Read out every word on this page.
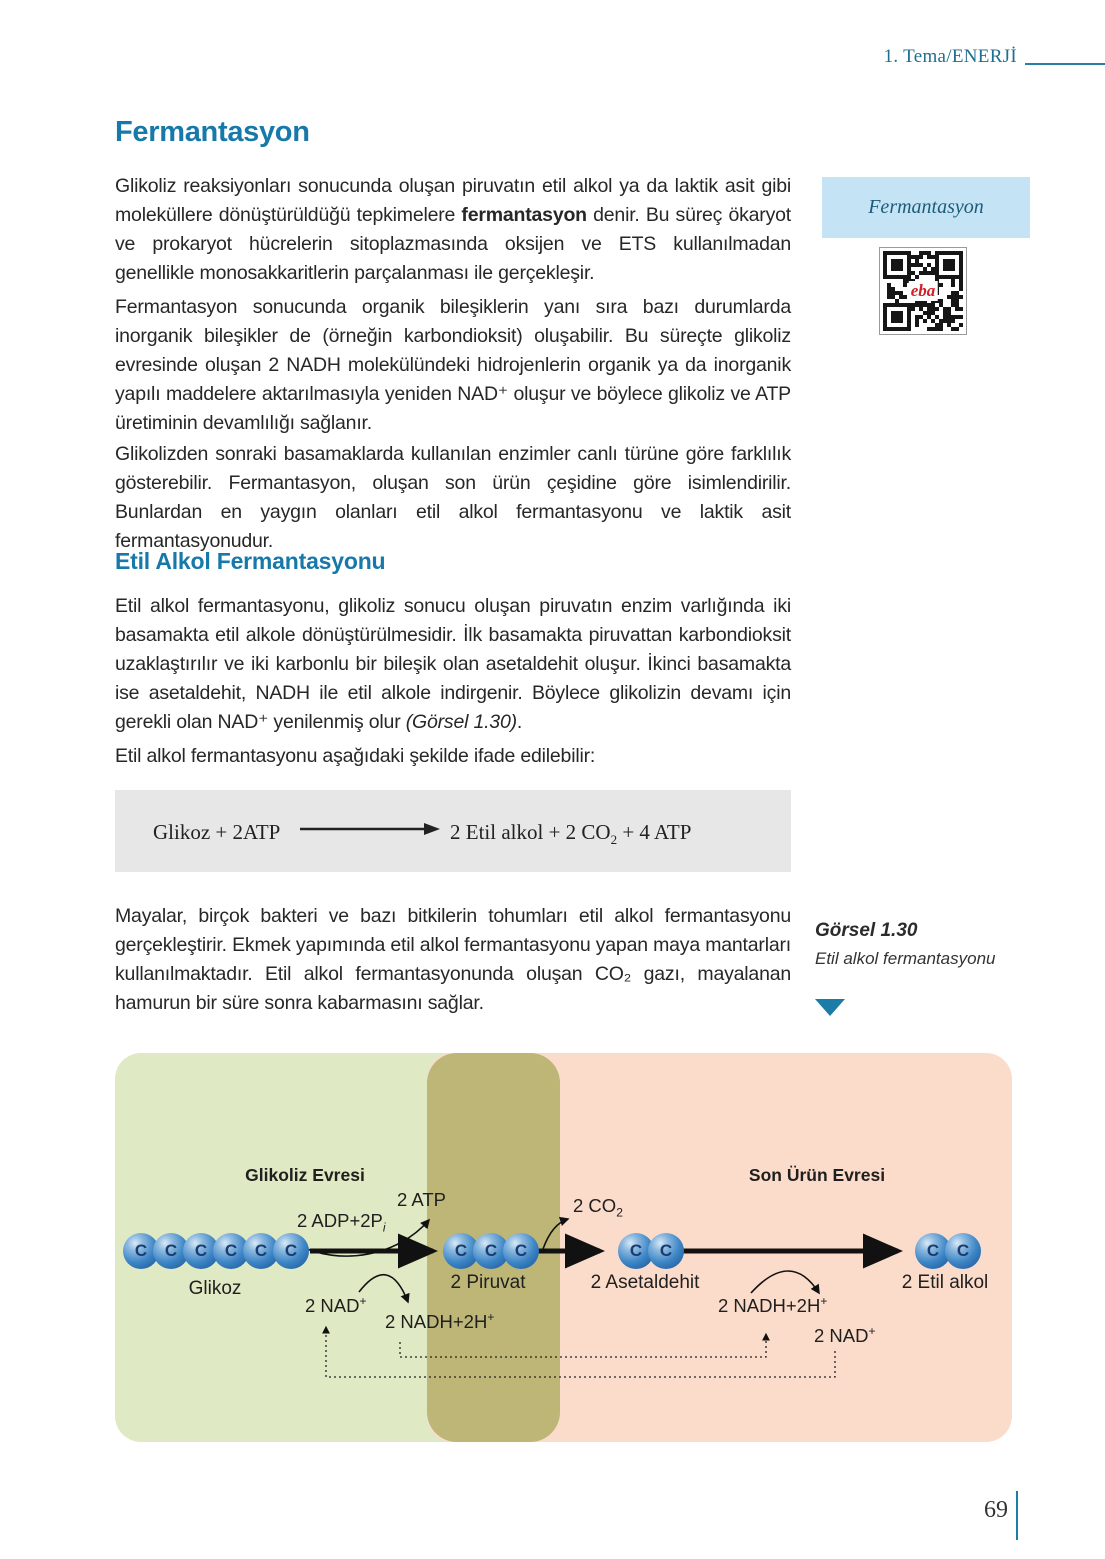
1. Tema/ENERJİ
Fermantasyon

Glikoliz reaksiyonları sonucunda oluşan piruvatın etil alkol ya da laktik asit gibi moleküllere dönüştürüldüğü tepkimelere fermantasyon denir. Bu süreç ökaryot ve prokaryot hücrelerin sitoplazmasında oksijen ve ETS kullanılmadan genellikle monosakkaritlerin parçalanması ile gerçekleşir.

Fermantasyon sonucunda organik bileşiklerin yanı sıra bazı durumlarda inorganik bileşikler de (örneğin karbondioksit) oluşabilir. Bu süreçte glikoliz evresinde oluşan 2 NADH molekülündeki hidrojenlerin organik ya da inorganik yapılı maddelere aktarılmasıyla yeniden NAD⁺ oluşur ve böylece glikoliz ve ATP üretiminin devamlılığı sağlanır.

Glikolizden sonraki basamaklarda kullanılan enzimler canlı türüne göre farklılık gösterebilir. Fermantasyon, oluşan son ürün çeşidine göre isimlendirilir. Bunlardan en yaygın olanları etil alkol fermantasyonu ve laktik asit fermantasyonudur.

Etil Alkol Fermantasyonu

Etil alkol fermantasyonu, glikoliz sonucu oluşan piruvatın enzim varlığında iki basamakta etil alkole dönüştürülmesidir. İlk basamakta piruvattan karbondioksit uzaklaştırılır ve iki karbonlu bir bileşik olan asetaldehit oluşur. İkinci basamakta ise asetaldehit, NADH ile etil alkole indirgenir. Böylece glikolizin devamı için gerekli olan NAD⁺ yenilenmiş olur (Görsel 1.30).

Etil alkol fermantasyonu aşağıdaki şekilde ifade edilebilir:

Glikoz + 2ATP	2 Etil alkol + 2 $CO_2 + 4$ ATP

Mayalar, birçok bakteri ve bazı bitkilerin tohumları etil alkol fermantasyonu gerçekleştirir. Ekmek yapımında etil alkol fermantasyonu yapan maya mantarları kullanılmaktadır. Etil alkol fermantasyonunda oluşan CO₂ gazı, mayalanan hamurun bir süre sonra kabarmasını sağlar.

Fermantasyon
eba
Görsel 1.30
Etil alkol fermantasyonu
Glikoliz Evresi	Son Ürün Evresi
C	C	C	C	C	C	C	C	C	C	C	C	C
Glikoz	2 Piruvat	2 Asetaldehit	2 Etil alkol
2 $ADP+2P_i$
2 ATP
2 NAD+
2 NADH+2H+
2 $CO_2$
2 NADH+2H+
2 NAD+
69
